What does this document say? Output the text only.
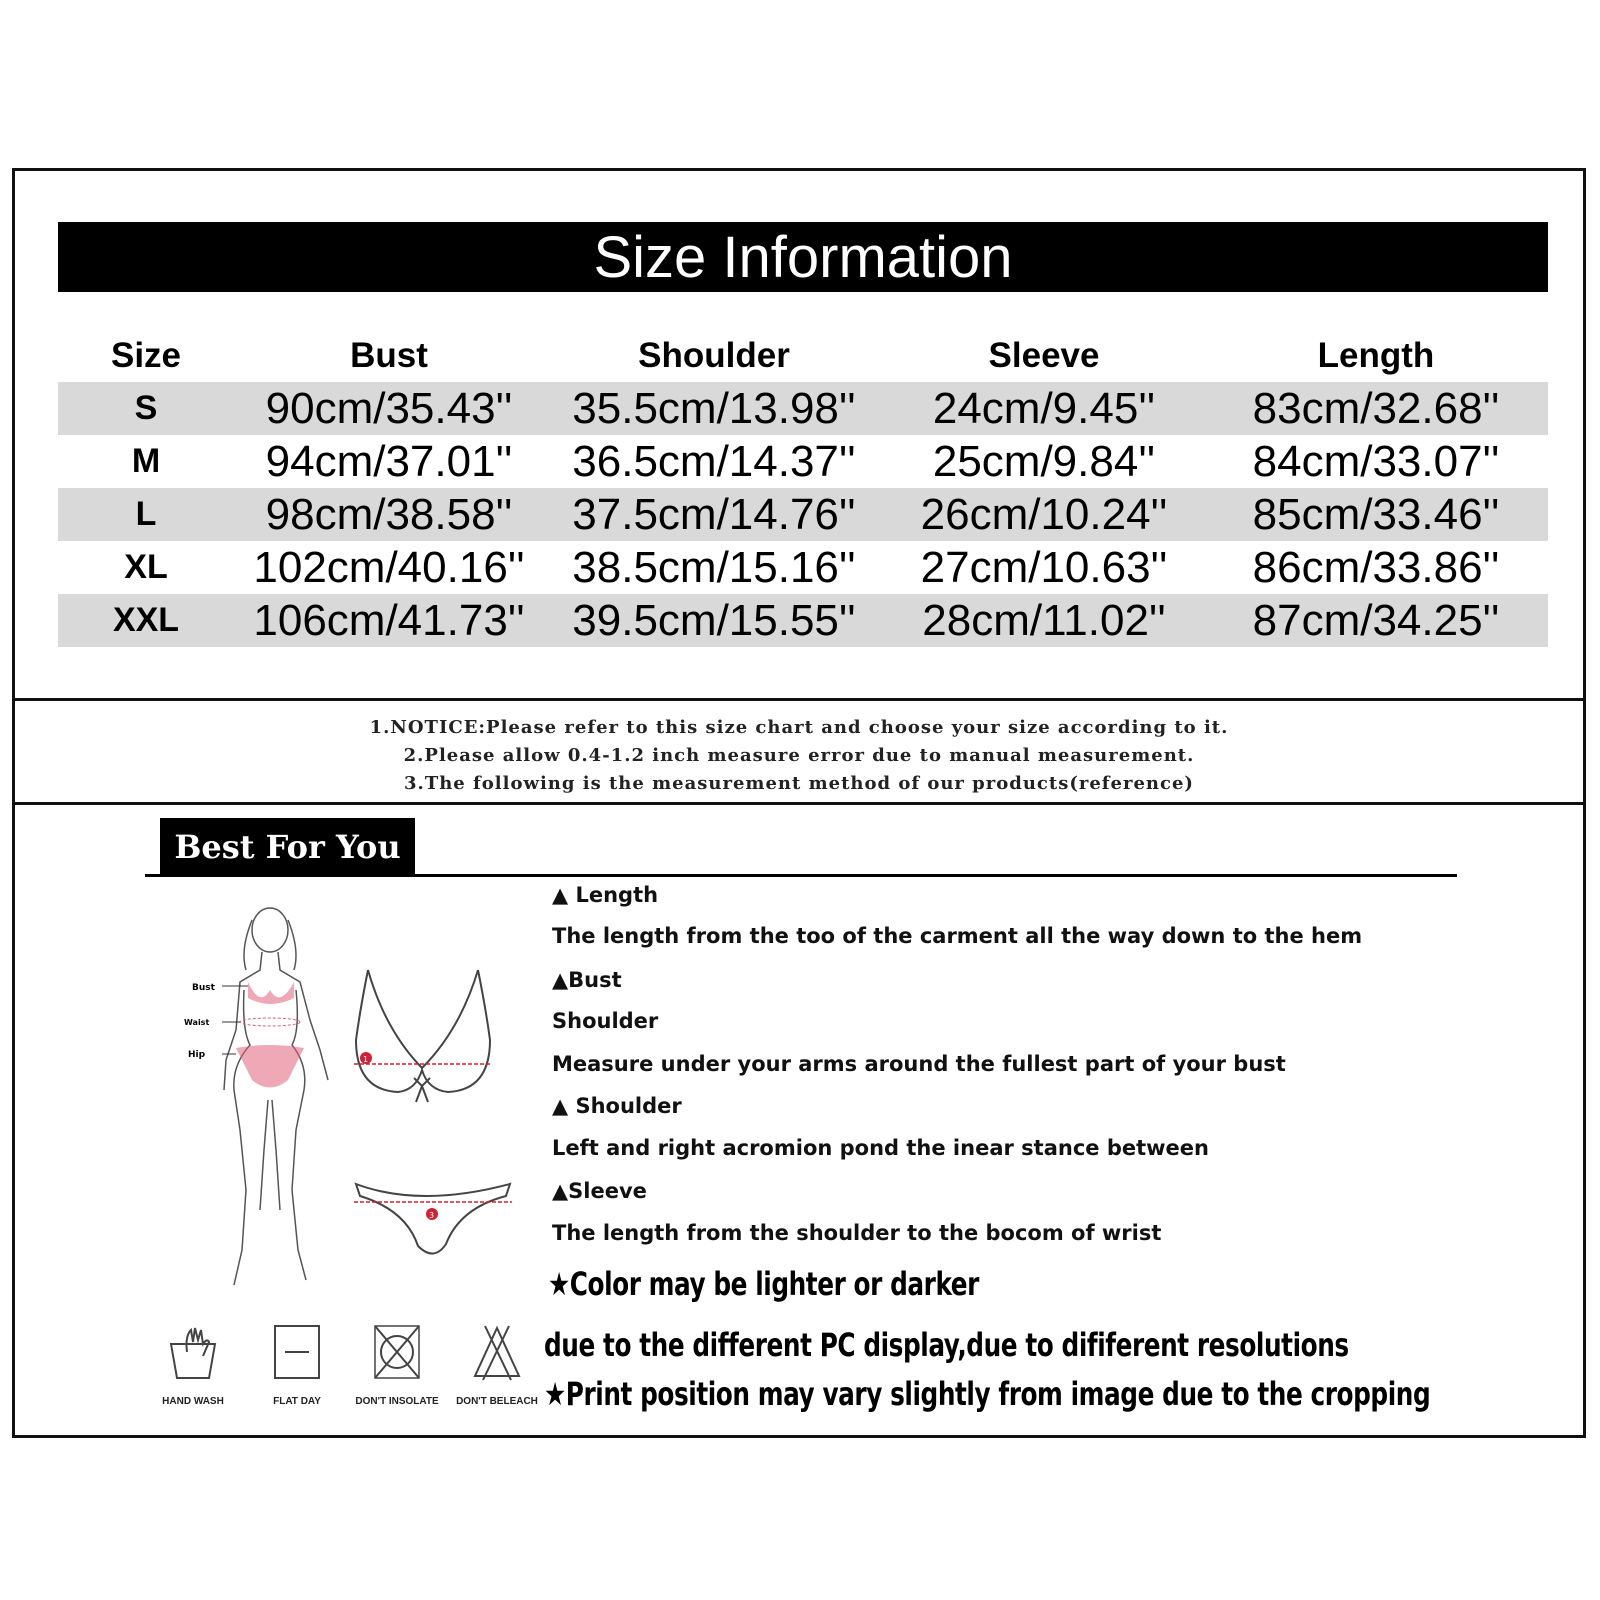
Size Information
Size	Bust	Shoulder	Sleeve	Length
S	90cm/35.43''	35.5cm/13.98''	24cm/9.45''	83cm/32.68''
M	94cm/37.01''	36.5cm/14.37''	25cm/9.84''	84cm/33.07''
L	98cm/38.58''	37.5cm/14.76''	26cm/10.24''	85cm/33.46''
XL	102cm/40.16''	38.5cm/15.16''	27cm/10.63''	86cm/33.86''
XXL	106cm/41.73''	39.5cm/15.55''	28cm/11.02''	87cm/34.25''
1.NOTICE:Please refer to this size chart and choose your size according to it.
2.Please allow 0.4-1.2 inch measure error due to manual measurement.
3.The following is the measurement method of our products(reference)
Best For You
Bust
Waist
Hip	1
3
▲ Length
The length from the too of the carment all the way down to the hem
▲Bust
Shoulder
Measure under your arms around the fullest part of your bust
▲ Shoulder
Left and right acromion pond the inear stance between
▲Sleeve
The length from the shoulder to the bocom of wrist
★Color may be lighter or darker
due to the different PC display,due to dififerent resolutions
★Print position may vary slightly from image due to the cropping
HAND WASH	FLAT DAY	DON'T INSOLATE	DON'T BELEACH
